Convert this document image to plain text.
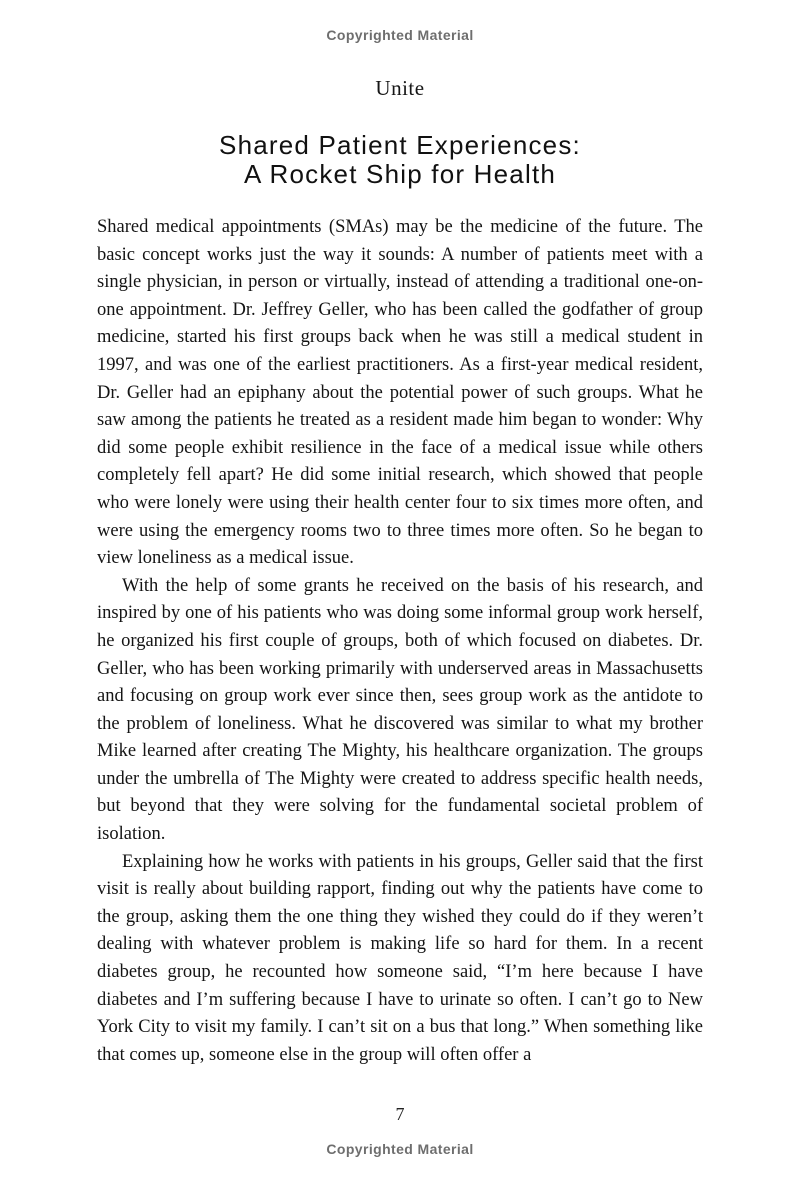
Copyrighted Material
Unite
Shared Patient Experiences:
A Rocket Ship for Health

Shared medical appointments (SMAs) may be the medicine of the future. The basic concept works just the way it sounds: A number of patients meet with a single physician, in person or virtually, instead of attending a traditional one-on-one appointment. Dr. Jeffrey Geller, who has been called the godfather of group medicine, started his first groups back when he was still a medical student in 1997, and was one of the earliest practitioners. As a first-year medical resident, Dr. Geller had an epiphany about the potential power of such groups. What he saw among the patients he treated as a resident made him began to wonder: Why did some people exhibit resilience in the face of a medical issue while others completely fell apart? He did some initial research, which showed that people who were lonely were using their health center four to six times more often, and were using the emergency rooms two to three times more often. So he began to view loneliness as a medical issue.

With the help of some grants he received on the basis of his research, and inspired by one of his patients who was doing some informal group work herself, he organized his first couple of groups, both of which focused on diabetes. Dr. Geller, who has been working primarily with underserved areas in Massachusetts and focusing on group work ever since then, sees group work as the antidote to the problem of loneliness. What he discovered was similar to what my brother Mike learned after creating The Mighty, his healthcare organization. The groups under the umbrella of The Mighty were created to address specific health needs, but beyond that they were solving for the fundamental societal problem of isolation.

Explaining how he works with patients in his groups, Geller said that the first visit is really about building rapport, finding out why the patients have come to the group, asking them the one thing they wished they could do if they weren’t dealing with whatever problem is making life so hard for them. In a recent diabetes group, he recounted how someone said, “I’m here because I have diabetes and I’m suffering because I have to urinate so often. I can’t go to New York City to visit my family. I can’t sit on a bus that long.” When something like that comes up, someone else in the group will often offer a

7
Copyrighted Material
